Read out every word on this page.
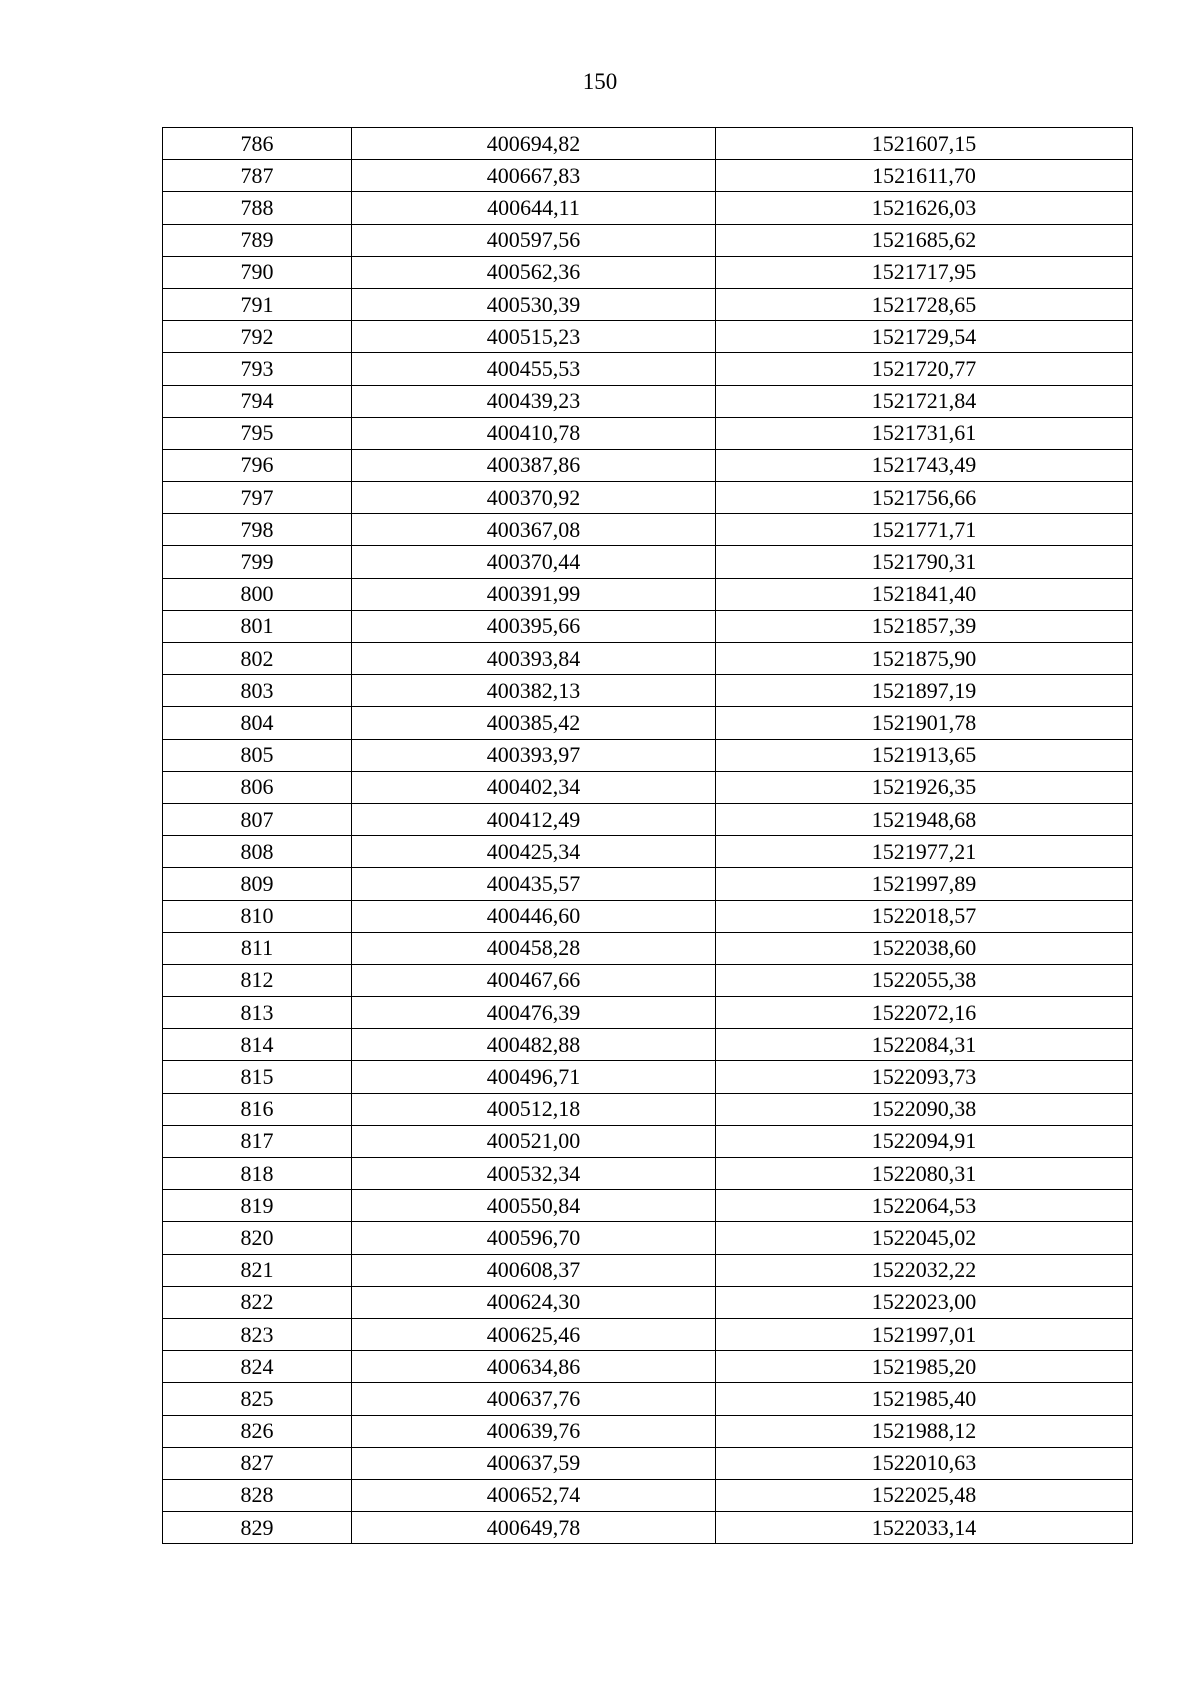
150
786	400694,82	1521607,15
787	400667,83	1521611,70
788	400644,11	1521626,03
789	400597,56	1521685,62
790	400562,36	1521717,95
791	400530,39	1521728,65
792	400515,23	1521729,54
793	400455,53	1521720,77
794	400439,23	1521721,84
795	400410,78	1521731,61
796	400387,86	1521743,49
797	400370,92	1521756,66
798	400367,08	1521771,71
799	400370,44	1521790,31
800	400391,99	1521841,40
801	400395,66	1521857,39
802	400393,84	1521875,90
803	400382,13	1521897,19
804	400385,42	1521901,78
805	400393,97	1521913,65
806	400402,34	1521926,35
807	400412,49	1521948,68
808	400425,34	1521977,21
809	400435,57	1521997,89
810	400446,60	1522018,57
811	400458,28	1522038,60
812	400467,66	1522055,38
813	400476,39	1522072,16
814	400482,88	1522084,31
815	400496,71	1522093,73
816	400512,18	1522090,38
817	400521,00	1522094,91
818	400532,34	1522080,31
819	400550,84	1522064,53
820	400596,70	1522045,02
821	400608,37	1522032,22
822	400624,30	1522023,00
823	400625,46	1521997,01
824	400634,86	1521985,20
825	400637,76	1521985,40
826	400639,76	1521988,12
827	400637,59	1522010,63
828	400652,74	1522025,48
829	400649,78	1522033,14
